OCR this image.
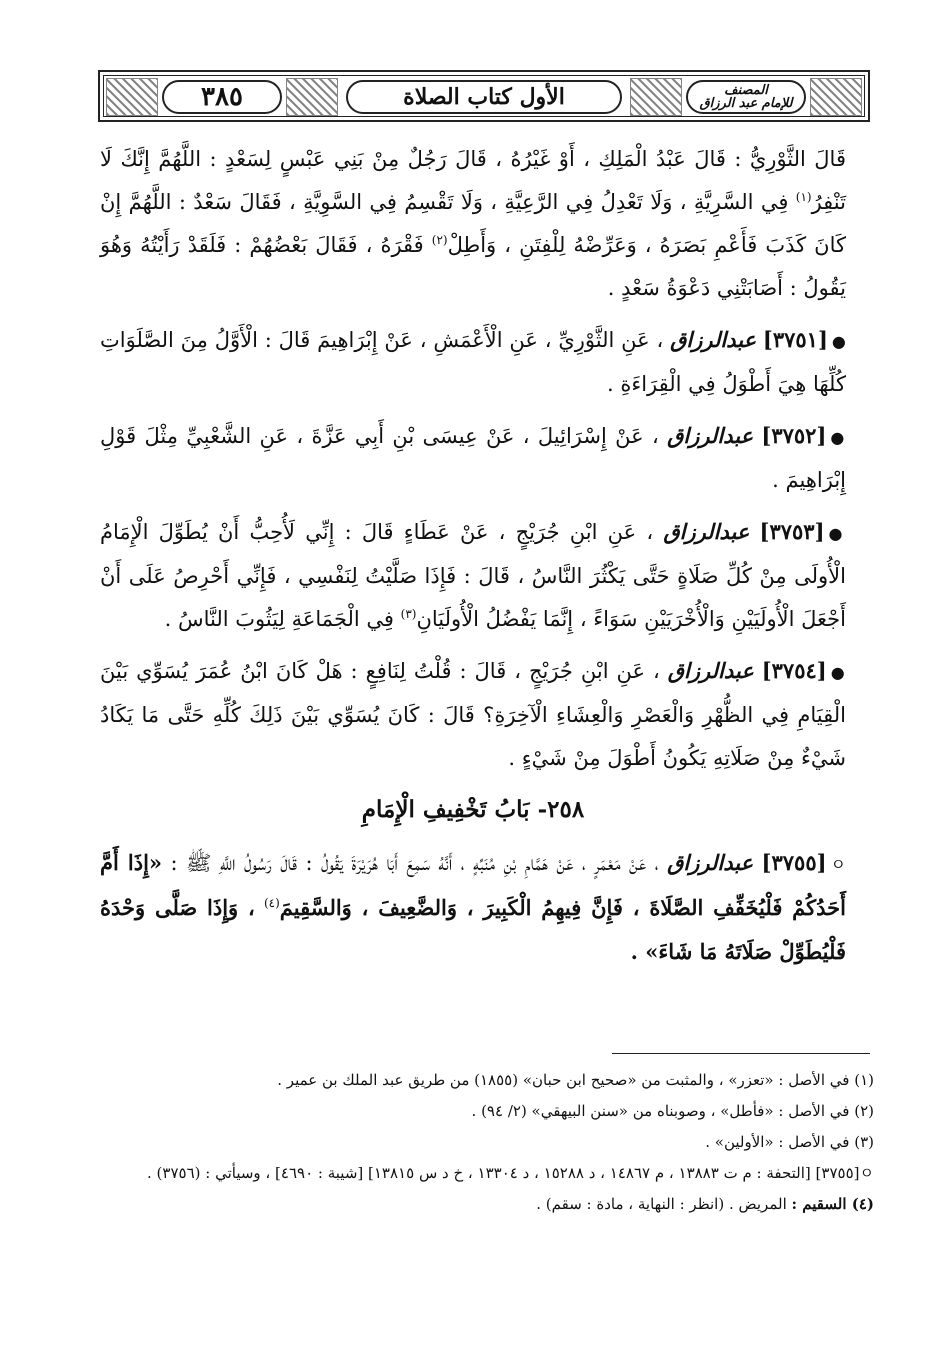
المصنف
للإمام عبد الرزاق
الأول كتاب الصلاة
٣٨٥

قَالَ الثَّوْرِيُّ : قَالَ عَبْدُ الْمَلِكِ ، أَوْ غَيْرُهُ ، قَالَ رَجُلٌ مِنْ بَنِي عَبْسٍ لِسَعْدٍ : اللَّهُمَّ إِنَّكَ لَا تَنْفِرُ$^{(١)}$ فِي السَّرِيَّةِ ، وَلَا تَعْدِلُ فِي الرَّعِيَّةِ ، وَلَا تَقْسِمُ فِي السَّوِيَّةِ ، فَقَالَ سَعْدٌ : اللَّهُمَّ إِنْ كَانَ كَذَبَ فَأَعْمِ بَصَرَهُ ، وَعَرِّضْهُ لِلْفِتَنِ ، وَأَطِلْ$^{(٢)}$ فَقْرَهُ ، فَقَالَ بَعْضُهُمْ : فَلَقَدْ رَأَيْتُهُ وَهُوَ يَقُولُ : أَصَابَتْنِي دَعْوَةُ سَعْدٍ .

●[٣٧٥١] عبدالرزاق ، عَنِ الثَّوْرِيِّ ، عَنِ الْأَعْمَشِ ، عَنْ إِبْرَاهِيمَ قَالَ : الْأَوَّلُ مِنَ الصَّلَوَاتِ كُلِّهَا هِيَ أَطْوَلُ فِي الْقِرَاءَةِ .

●[٣٧٥٢] عبدالرزاق ، عَنْ إِسْرَائِيلَ ، عَنْ عِيسَى بْنِ أَبِي عَزَّةَ ، عَنِ الشَّعْبِيِّ مِثْلَ قَوْلِ إِبْرَاهِيمَ .

●[٣٧٥٣] عبدالرزاق ، عَنِ ابْنِ جُرَيْجٍ ، عَنْ عَطَاءٍ قَالَ : إِنِّي لَأُحِبُّ أَنْ يُطَوِّلَ الْإِمَامُ الْأُولَى مِنْ كُلِّ صَلَاةٍ حَتَّى يَكْثُرَ النَّاسُ ، قَالَ : فَإِذَا صَلَّيْتُ لِنَفْسِي ، فَإِنِّي أَحْرِصُ عَلَى أَنْ أَجْعَلَ الْأُولَيَيْنِ وَالْأُخْرَيَيْنِ سَوَاءً ، إِنَّمَا يَفْضُلُ الْأُولَيَانِ$^{(٣)}$ فِي الْجَمَاعَةِ لِيَثُوبَ النَّاسُ .

●[٣٧٥٤] عبدالرزاق ، عَنِ ابْنِ جُرَيْجٍ ، قَالَ : قُلْتُ لِنَافِعٍ : هَلْ كَانَ ابْنُ عُمَرَ يُسَوِّي بَيْنَ الْقِيَامِ فِي الظُّهْرِ وَالْعَصْرِ وَالْعِشَاءِ الْآخِرَةِ؟ قَالَ : كَانَ يُسَوِّي بَيْنَ ذَلِكَ كُلِّهِ حَتَّى مَا يَكَادُ شَيْءٌ مِنْ صَلَاتِهِ يَكُونُ أَطْوَلَ مِنْ شَيْءٍ .

٢٥٨- بَابُ تَخْفِيفِ الْإِمَامِ

ㅇ[٣٧٥٥] عبدالرزاق ، عَنْ مَعْمَرٍ ، عَنْ هَمَّامِ بْنِ مُنَبِّهٍ ، أَنَّهُ سَمِعَ أَبَا هُرَيْرَةَ يَقُولُ : قَالَ رَسُولُ اللَّهِ ﷺ : «إِذَا أَمَّ أَحَدُكُمْ فَلْيُخَفِّفِ الصَّلَاةَ ، فَإِنَّ فِيهِمُ الْكَبِيرَ ، وَالضَّعِيفَ ، وَالسَّقِيمَ$^{(٤)}$ ، وَإِذَا صَلَّى وَحْدَهُ فَلْيُطَوِّلْ صَلَاتَهُ مَا شَاءَ» .

(١) في الأصل : «تعزر» ، والمثبت من «صحيح ابن حبان» (١٨٥٥) من طريق عبد الملك بن عمير .

(٢) في الأصل : «فأطل» ، وصوبناه من «سنن البيهقي» (٢/ ٩٤) .

(٣) في الأصل : «الأولين» .

ㅇ[٣٧٥٥] [التحفة : م ت ١٣٨٨٣ ، م ١٤٨٦٧ ، د ١٥٢٨٨ ، د ١٣٣٠٤ ، خ د س ١٣٨١٥] [شيبة : ٤٦٩٠] ، وسيأتي : (٣٧٥٦) .

(٤) السقيم : المريض . (انظر : النهاية ، مادة : سقم) .
